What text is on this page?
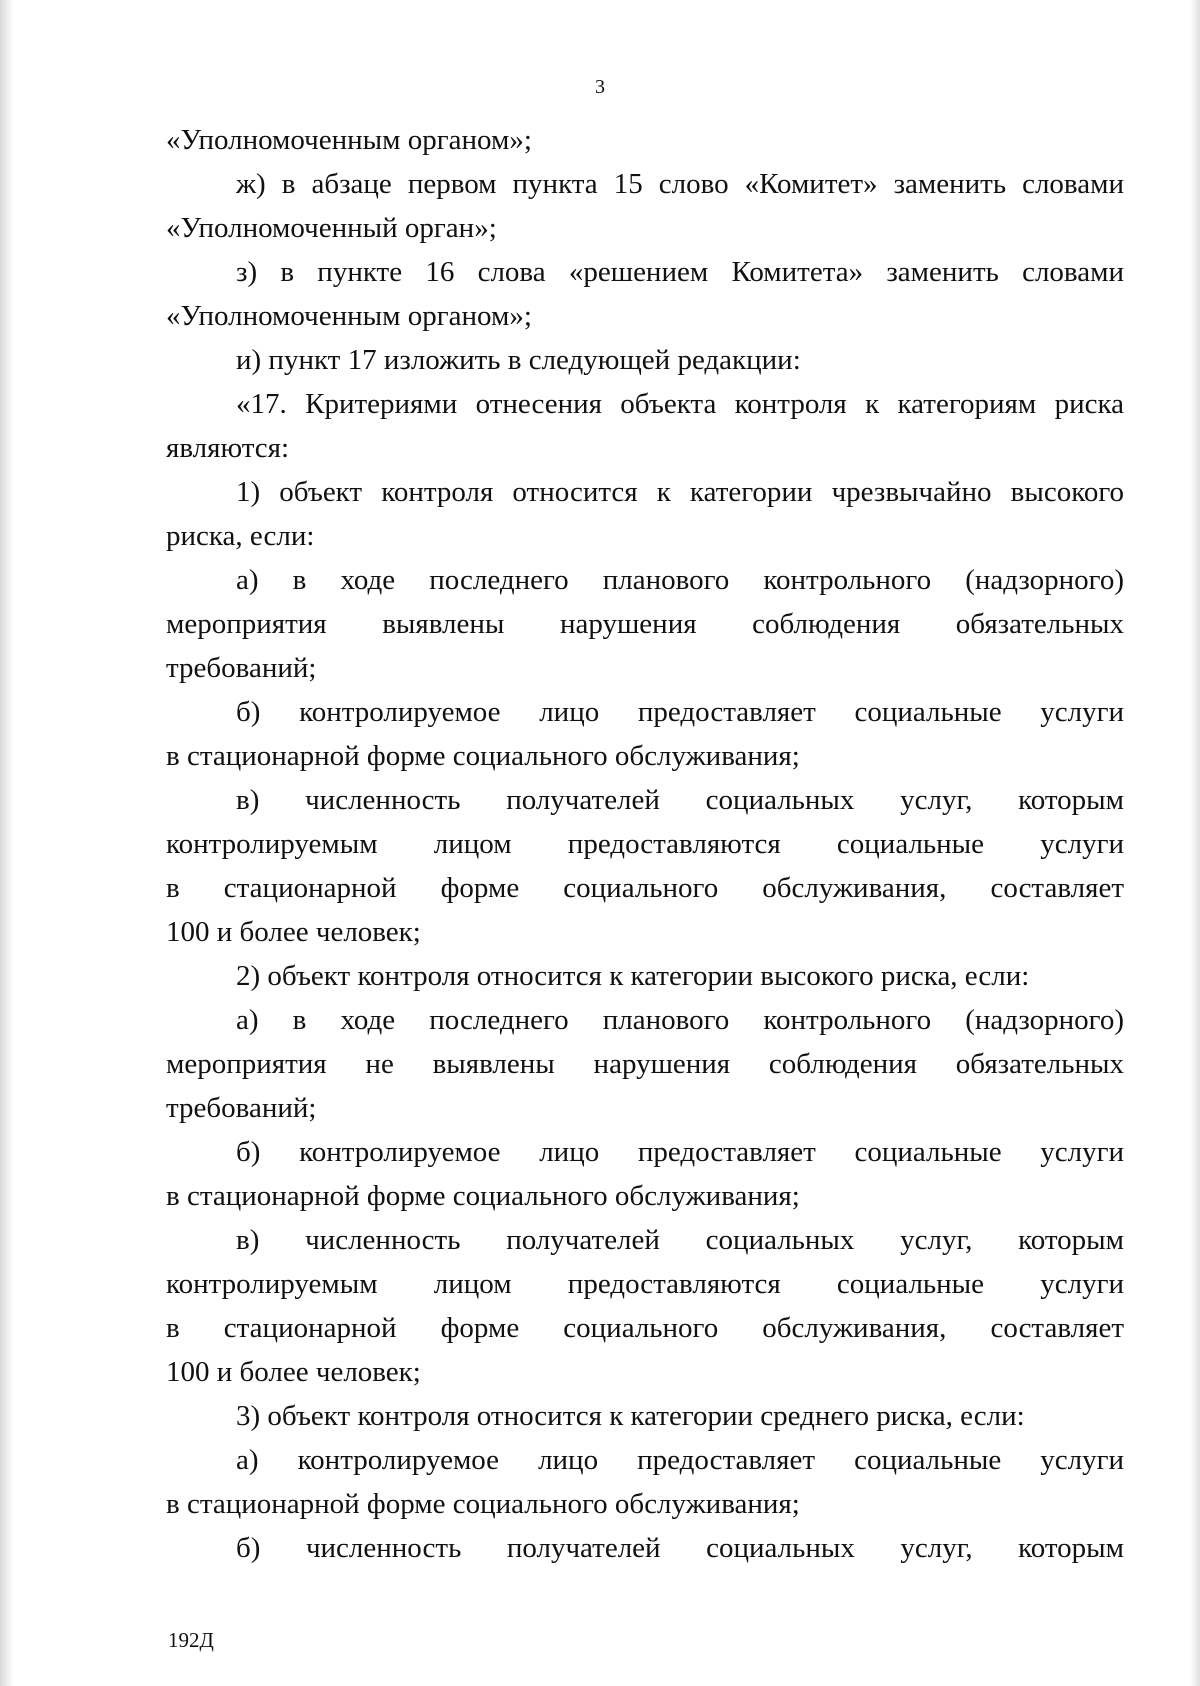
3
«Уполномоченным органом»;
ж) в абзаце первом пункта 15 слово «Комитет» заменить словами
«Уполномоченный орган»;
з) в пункте 16 слова «решением Комитета» заменить словами
«Уполномоченным органом»;
и) пункт 17 изложить в следующей редакции:
«17. Критериями отнесения объекта контроля к категориям риска
являются:
1) объект контроля относится к категории чрезвычайно высокого
риска, если:
а) в ходе последнего планового контрольного (надзорного)
мероприятия выявлены нарушения соблюдения обязательных
требований;
б) контролируемое лицо предоставляет социальные услуги
в стационарной форме социального обслуживания;
в) численность получателей социальных услуг, которым
контролируемым лицом предоставляются социальные услуги
в стационарной форме социального обслуживания, составляет
100 и более человек;
2) объект контроля относится к категории высокого риска, если:
а) в ходе последнего планового контрольного (надзорного)
мероприятия не выявлены нарушения соблюдения обязательных
требований;
б) контролируемое лицо предоставляет социальные услуги
в стационарной форме социального обслуживания;
в) численность получателей социальных услуг, которым
контролируемым лицом предоставляются социальные услуги
в стационарной форме социального обслуживания, составляет
100 и более человек;
3) объект контроля относится к категории среднего риска, если:
а) контролируемое лицо предоставляет социальные услуги
в стационарной форме социального обслуживания;
б) численность получателей социальных услуг, которым
192Д
